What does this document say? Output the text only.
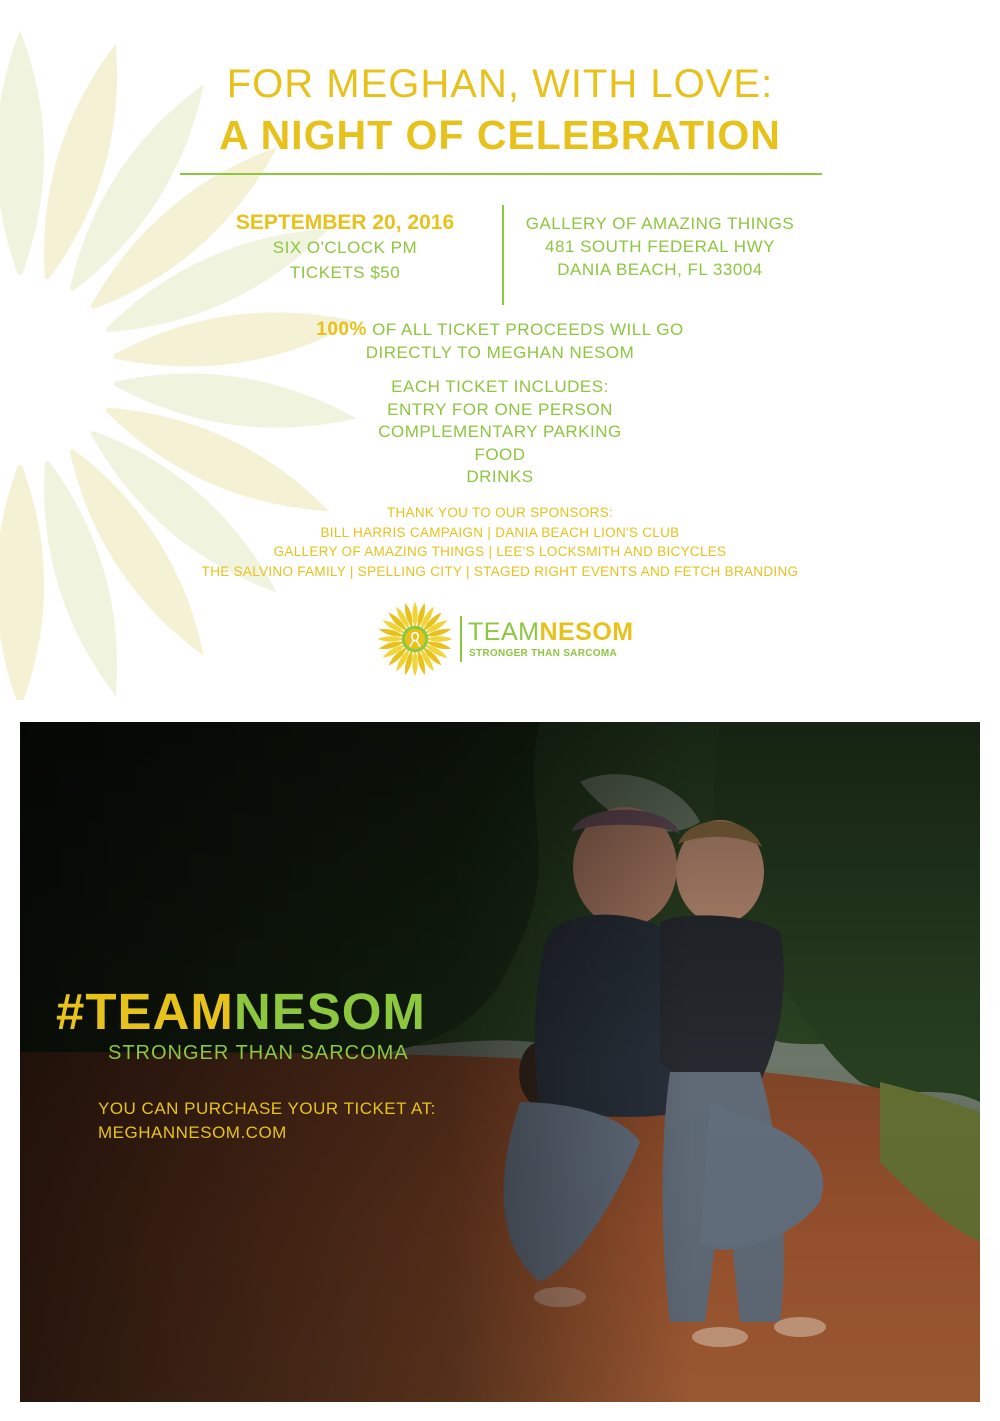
FOR MEGHAN, WITH LOVE:
A NIGHT OF CELEBRATION
SEPTEMBER 20, 2016
SIX O'CLOCK PM
TICKETS $50
GALLERY OF AMAZING THINGS
481 SOUTH FEDERAL HWY
DANIA BEACH, FL 33004
100% OF ALL TICKET PROCEEDS WILL GO
DIRECTLY TO MEGHAN NESOM
EACH TICKET INCLUDES:
ENTRY FOR ONE PERSON
COMPLEMENTARY PARKING
FOOD
DRINKS
THANK YOU TO OUR SPONSORS:
BILL HARRIS CAMPAIGN | DANIA BEACH LION'S CLUB
GALLERY OF AMAZING THINGS | LEE'S LOCKSMITH AND BICYCLES
THE SALVINO FAMILY | SPELLING CITY | STAGED RIGHT EVENTS AND FETCH BRANDING
TEAMNESOM
STRONGER THAN SARCOMA
#TEAMNESOM
STRONGER THAN SARCOMA
YOU CAN PURCHASE YOUR TICKET AT:
MEGHANNESOM.COM
